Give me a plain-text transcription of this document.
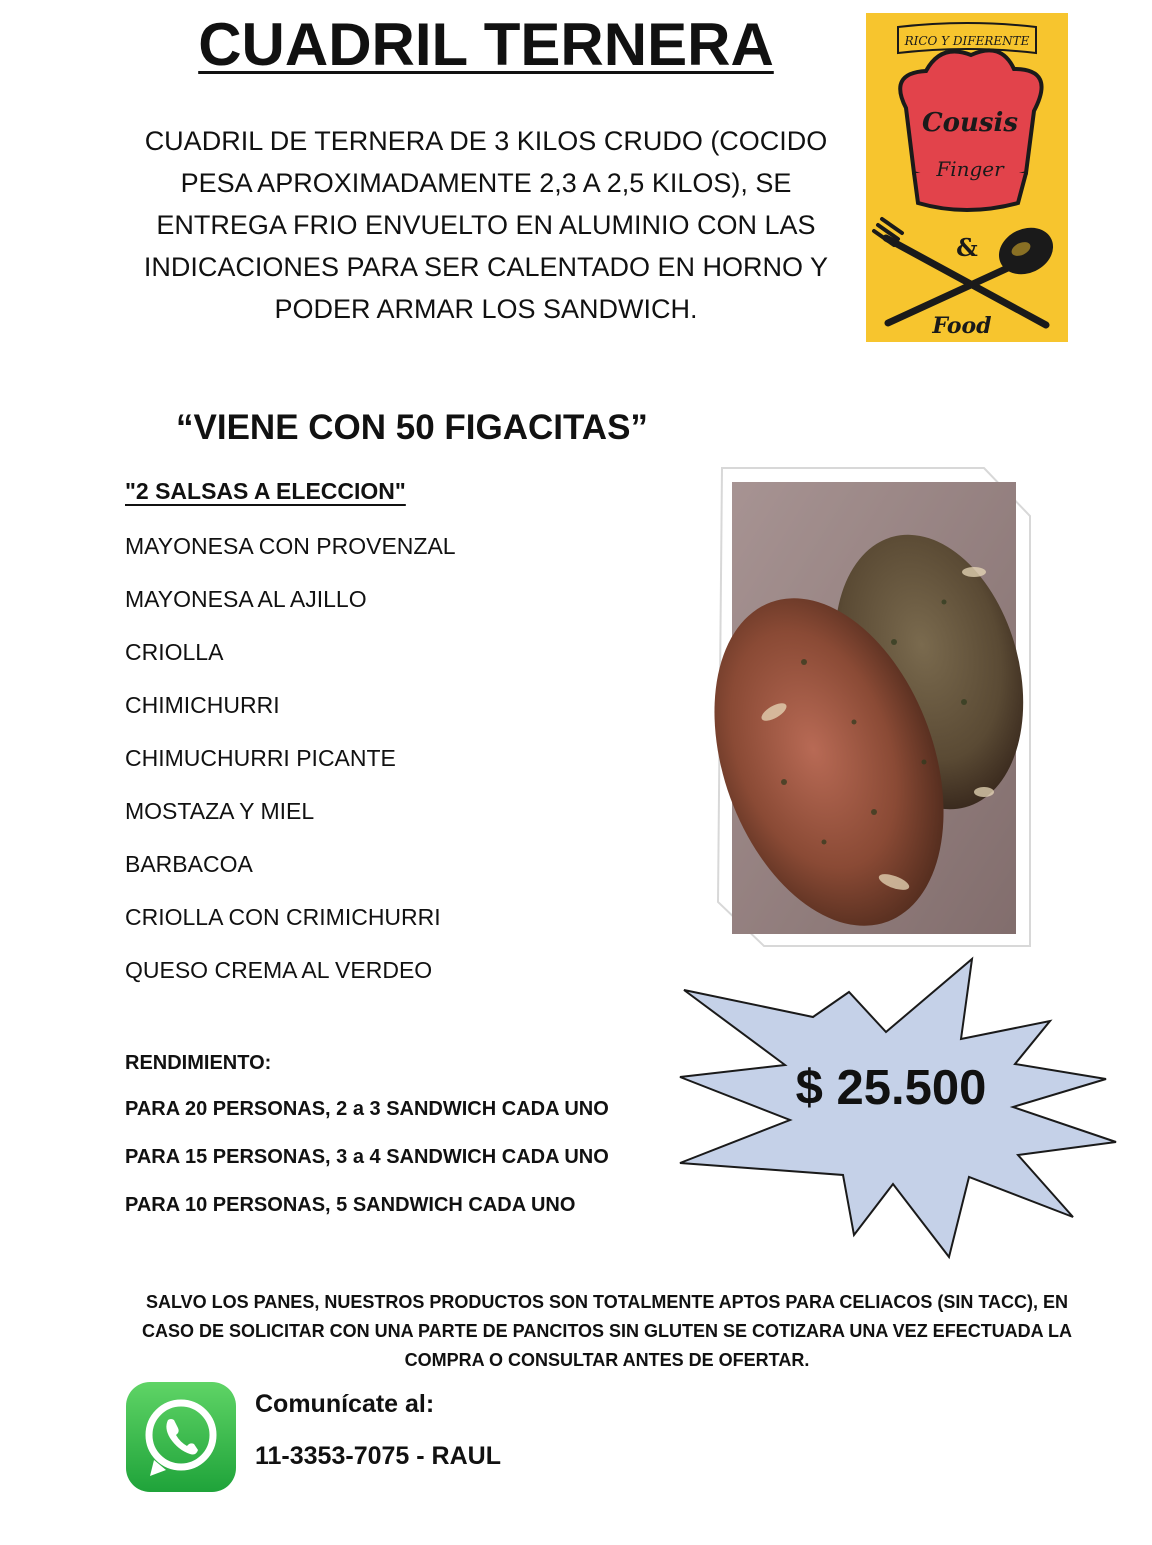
CUADRIL TERNERA
CUADRIL DE TERNERA DE 3 KILOS CRUDO (COCIDO PESA APROXIMADAMENTE 2,3 A 2,5 KILOS), SE ENTREGA FRIO ENVUELTO EN ALUMINIO CON LAS INDICACIONES PARA SER CALENTADO EN HORNO Y PODER ARMAR LOS SANDWICH.
RICO Y DIFERENTE
Cousis
Finger
&
Food
“VIENE CON 50 FIGACITAS”
"2 SALSAS A ELECCION"
MAYONESA CON PROVENZAL
MAYONESA AL AJILLO
CRIOLLA
CHIMICHURRI
CHIMUCHURRI PICANTE
MOSTAZA Y MIEL
BARBACOA
CRIOLLA CON CRIMICHURRI
QUESO CREMA AL VERDEO
RENDIMIENTO:
PARA 20 PERSONAS, 2 a 3 SANDWICH CADA UNO
PARA 15 PERSONAS, 3 a 4 SANDWICH CADA UNO
PARA 10 PERSONAS, 5 SANDWICH CADA UNO
$ 25.500
SALVO LOS PANES, NUESTROS PRODUCTOS SON TOTALMENTE APTOS PARA CELIACOS (SIN TACC), EN CASO DE SOLICITAR CON UNA PARTE DE PANCITOS SIN GLUTEN SE COTIZARA UNA VEZ EFECTUADA LA COMPRA O CONSULTAR ANTES DE OFERTAR.
Comunícate al:
11-3353-7075 - RAUL
